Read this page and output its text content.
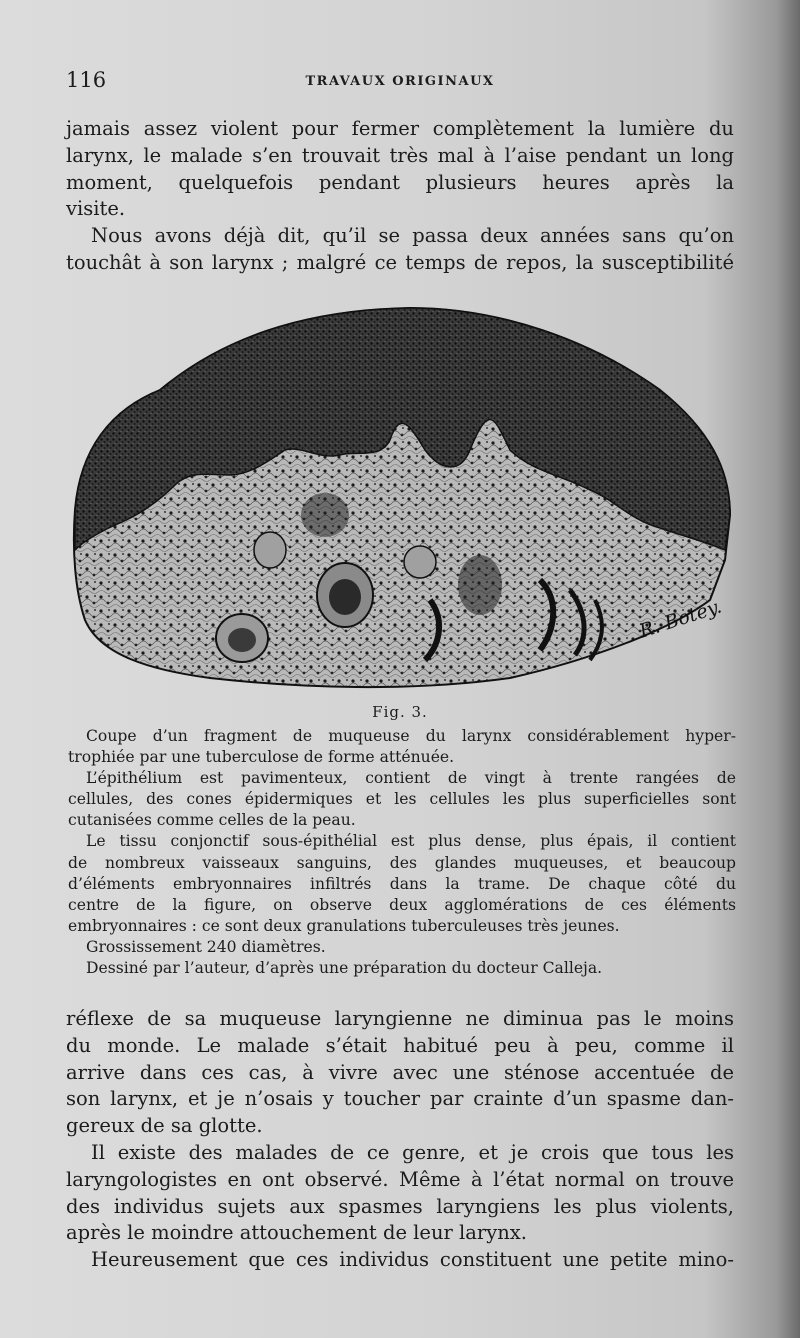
116	TRAVAUX ORIGINAUX

jamais assez violent pour fermer complètement la lumière du
larynx, le malade s’en trouvait très mal à l’aise pendant un long
moment, quelquefois pendant plusieurs heures après la
visite.

Nous avons déjà dit, qu’il se passa deux années sans qu’on
touchât à son larynx ; malgré ce temps de repos, la susceptibilité

R. Botey.
Fig. 3.
Coupe d’un fragment de muqueuse du larynx considérablement hyper-
trophiée par une tuberculose de forme atténuée.
L’épithélium est pavimenteux, contient de vingt à trente rangées de
cellules, des cones épidermiques et les cellules les plus superficielles sont
cutanisées comme celles de la peau.
Le tissu conjonctif sous-épithélial est plus dense, plus épais, il contient
de nombreux vaisseaux sanguins, des glandes muqueuses, et beaucoup
d’éléments embryonnaires infiltrés dans la trame. De chaque côté du
centre de la figure, on observe deux agglomérations de ces éléments
embryonnaires : ce sont deux granulations tuberculeuses très jeunes.
Grossissement 240 diamètres.
Dessiné par l’auteur, d’après une préparation du docteur Calleja.

réflexe de sa muqueuse laryngienne ne diminua pas le moins
du monde. Le malade s’était habitué peu à peu, comme il
arrive dans ces cas, à vivre avec une sténose accentuée de
son larynx, et je n’osais y toucher par crainte d’un spasme dan-
gereux de sa glotte.

Il existe des malades de ce genre, et je crois que tous les
laryngologistes en ont observé. Même à l’état normal on trouve
des individus sujets aux spasmes laryngiens les plus violents,
après le moindre attouchement de leur larynx.

Heureusement que ces individus constituent une petite mino-
